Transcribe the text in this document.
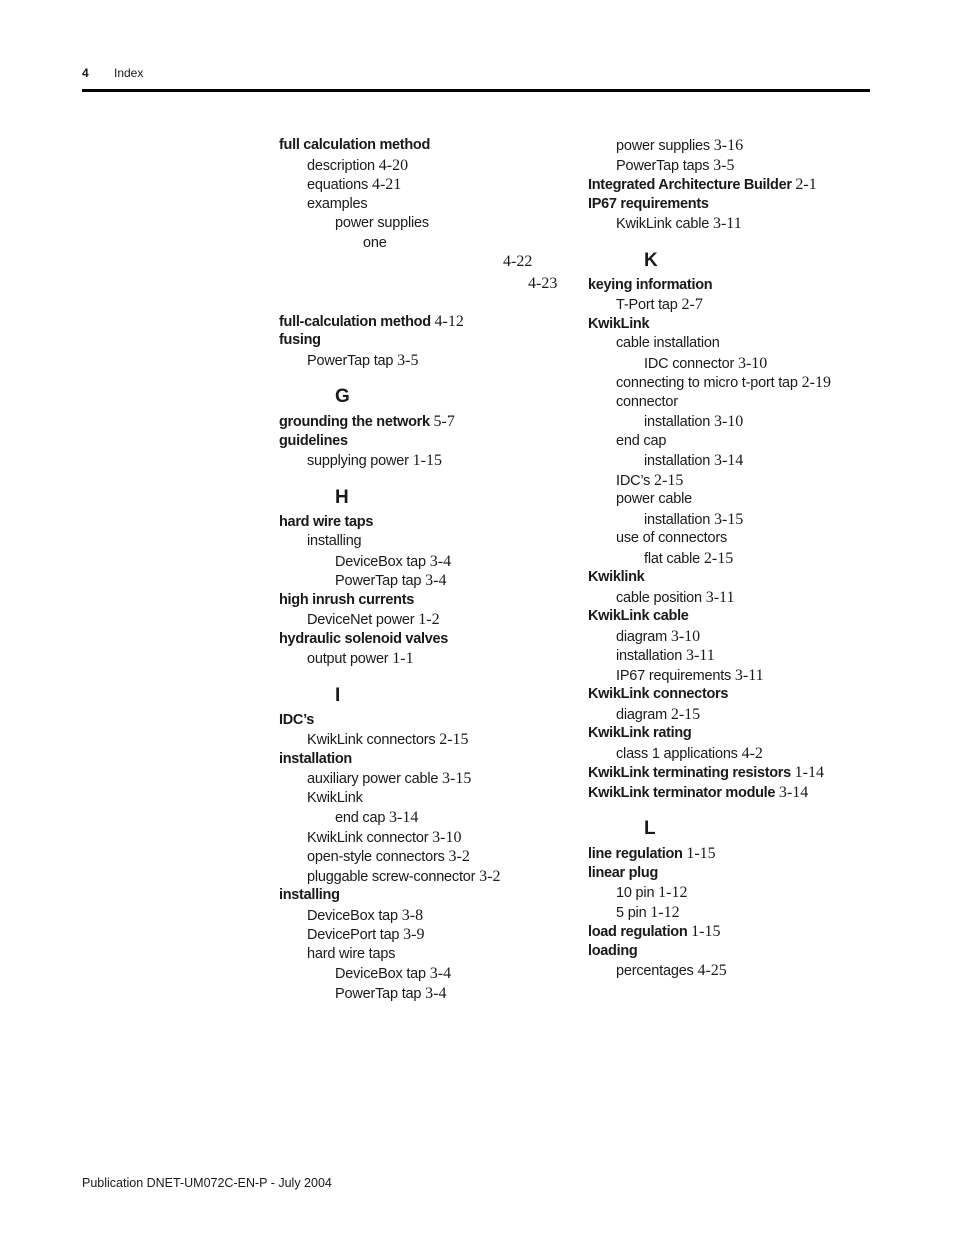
4 Index
full calculation method
description 4-20
equations 4-21
examples
power supplies
one
4-22
4-23
full-calculation method 4-12
fusing
PowerTap tap 3-5
G
grounding the network 5-7
guidelines
supplying power 1-15
H
hard wire taps
installing
DeviceBox tap 3-4
PowerTap tap 3-4
high inrush currents
DeviceNet power 1-2
hydraulic solenoid valves
output power 1-1
I
IDC’s
KwikLink connectors 2-15
installation
auxiliary power cable 3-15
KwikLink
end cap 3-14
KwikLink connector 3-10
open-style connectors 3-2
pluggable screw-connector 3-2
installing
DeviceBox tap 3-8
DevicePort tap 3-9
hard wire taps
DeviceBox tap 3-4
PowerTap tap 3-4
power supplies 3-16
PowerTap taps 3-5
Integrated Architecture Builder 2-1
IP67 requirements
KwikLink cable 3-11
K
keying information
T-Port tap 2-7
KwikLink
cable installation
IDC connector 3-10
connecting to micro t-port tap 2-19
connector
installation 3-10
end cap
installation 3-14
IDC’s 2-15
power cable
installation 3-15
use of connectors
flat cable 2-15
Kwiklink
cable position 3-11
KwikLink cable
diagram 3-10
installation 3-11
IP67 requirements 3-11
KwikLink connectors
diagram 2-15
KwikLink rating
class 1 applications 4-2
KwikLink terminating resistors 1-14
KwikLink terminator module 3-14
L
line regulation 1-15
linear plug
10 pin 1-12
5 pin 1-12
load regulation 1-15
loading
percentages 4-25
Publication DNET-UM072C-EN-P - July 2004
